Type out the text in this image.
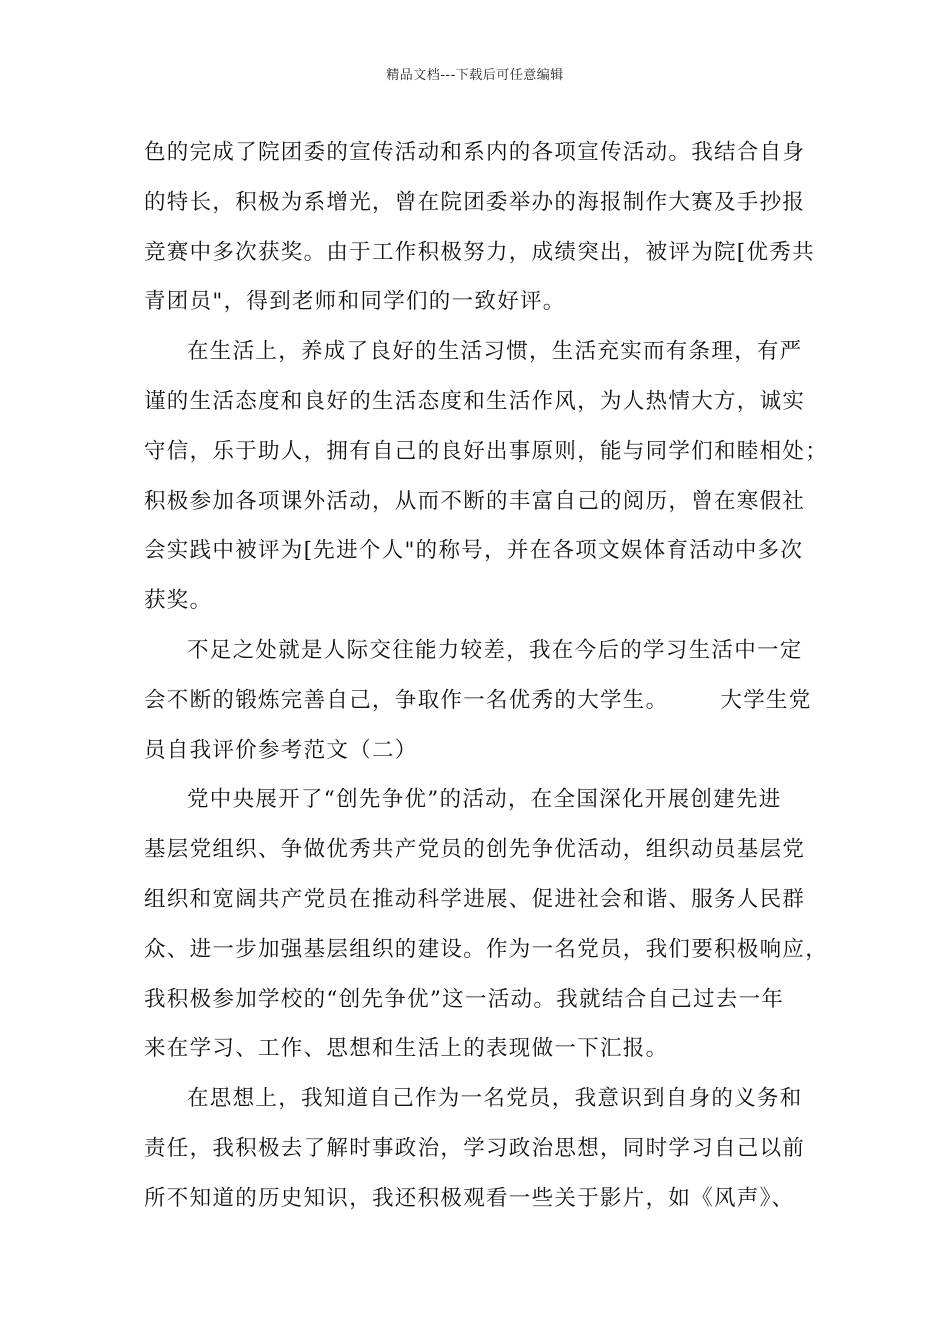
精品文档---下载后可任意编辑
色的完成了院团委的宣传活动和系内的各项宣传活动。我结合自身
的特长，积极为系增光，曾在院团委举办的海报制作大赛及手抄报
竞赛中多次获奖。由于工作积极努力，成绩突出，被评为院[优秀共
青团员"，得到老师和同学们的一致好评。
在生活上，养成了良好的生活习惯，生活充实而有条理，有严
谨的生活态度和良好的生活态度和生活作风，为人热情大方，诚实
守信，乐于助人，拥有自己的良好出事原则，能与同学们和睦相处；
积极参加各项课外活动，从而不断的丰富自己的阅历，曾在寒假社
会实践中被评为[先进个人"的称号，并在各项文娱体育活动中多次
获奖。
不足之处就是人际交往能力较差，我在今后的学习生活中一定
会不断的锻炼完善自己，争取作一名优秀的大学生。 大学生党
员自我评价参考范文（二）
党中央展开了“创先争优”的活动，在全国深化开展创建先进
基层党组织、争做优秀共产党员的创先争优活动，组织动员基层党
组织和宽阔共产党员在推动科学进展、促进社会和谐、服务人民群
众、进一步加强基层组织的建设。作为一名党员，我们要积极响应，
我积极参加学校的“创先争优”这一活动。我就结合自己过去一年
来在学习、工作、思想和生活上的表现做一下汇报。
在思想上，我知道自己作为一名党员，我意识到自身的义务和
责任，我积极去了解时事政治，学习政治思想，同时学习自己以前
所不知道的历史知识，我还积极观看一些关于影片，如《风声》、
